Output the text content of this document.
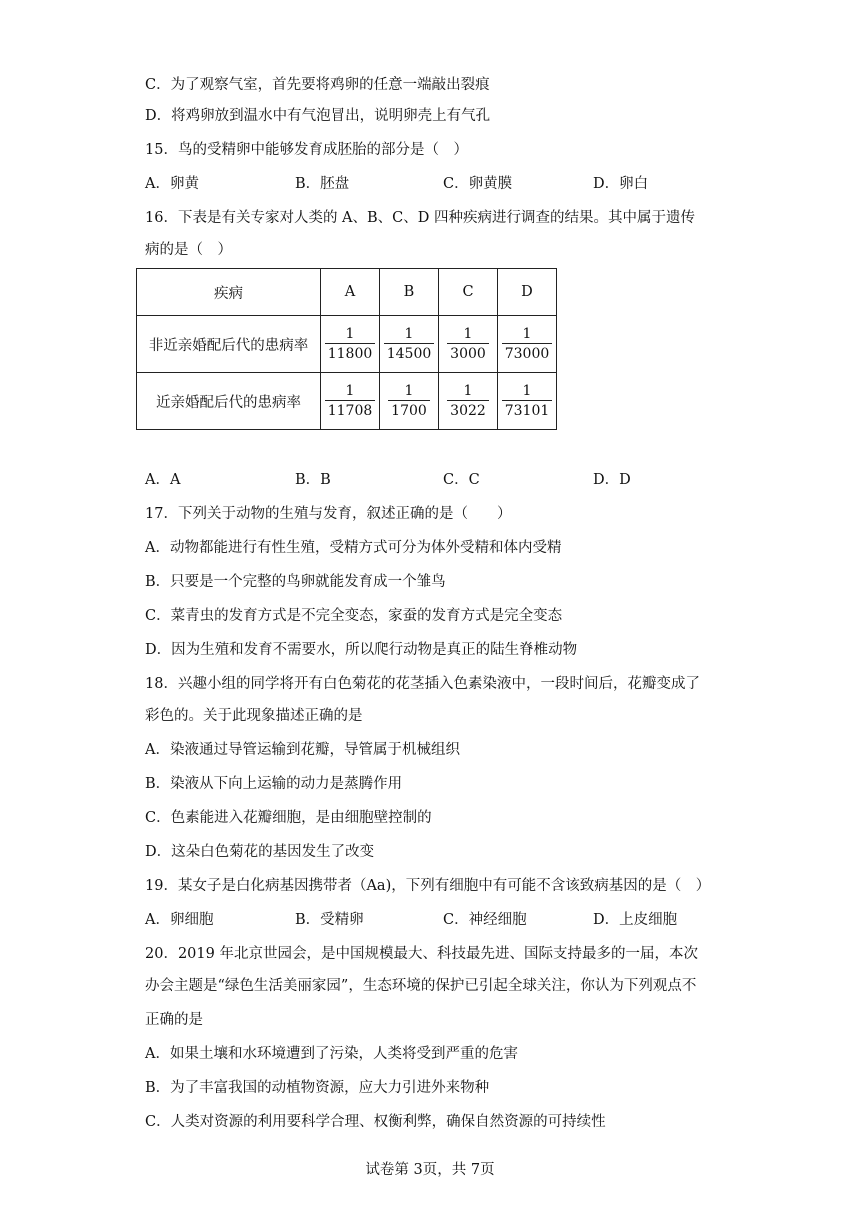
C．为了观察气室，首先要将鸡卵的任意一端敲出裂痕
D．将鸡卵放到温水中有气泡冒出，说明卵壳上有气孔
15．鸟的受精卵中能够发育成胚胎的部分是（　）
A．卵黄	B．胚盘	C．卵黄膜	D．卵白
16．下表是有关专家对人类的 A、B、C、D 四种疾病进行调查的结果。其中属于遗传
病的是（　）
疾病	A	B	C	D
非近亲婚配后代的患病率	$\frac{1}{11800}$	$\frac{1}{14500}$	$\frac{1}{3000}$	$\frac{1}{73000}$

近亲婚配后代的患病率	$\frac{1}{11708}$	$\frac{1}{1700}$	$\frac{1}{3022}$	$\frac{1}{73101}$
A．A	B．B	C．C	D．D
17．下列关于动物的生殖与发育，叙述正确的是（　　）
A．动物都能进行有性生殖，受精方式可分为体外受精和体内受精
B．只要是一个完整的鸟卵就能发育成一个雏鸟
C．菜青虫的发育方式是不完全变态，家蚕的发育方式是完全变态
D．因为生殖和发育不需要水，所以爬行动物是真正的陆生脊椎动物
18．兴趣小组的同学将开有白色菊花的花茎插入色素染液中，一段时间后，花瓣变成了
彩色的。关于此现象描述正确的是
A．染液通过导管运输到花瓣，导管属于机械组织
B．染液从下向上运输的动力是蒸腾作用
C．色素能进入花瓣细胞，是由细胞壁控制的
D．这朵白色菊花的基因发生了改变
19．某女子是白化病基因携带者（Aa)，下列有细胞中有可能不含该致病基因的是（　）
A．卵细胞	B．受精卵	C．神经细胞	D．上皮细胞
20．2019 年北京世园会，是中国规模最大、科技最先进、国际支持最多的一届，本次
办会主题是“绿色生活美丽家园”，生态环境的保护已引起全球关注，你认为下列观点不
正确的是
A．如果土壤和水环境遭到了污染，人类将受到严重的危害
B．为了丰富我国的动植物资源，应大力引进外来物种
C．人类对资源的利用要科学合理、权衡利弊，确保自然资源的可持续性
试卷第 3页，共 7页
